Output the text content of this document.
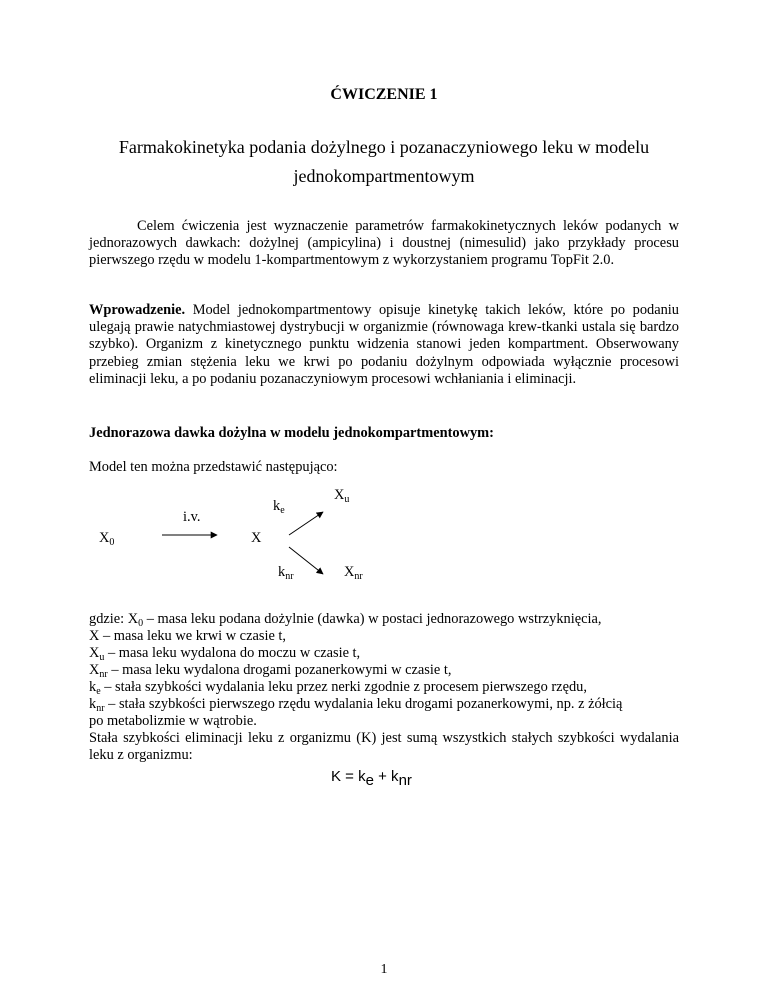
ĆWICZENIE 1
Farmakokinetyka podania dożylnego i pozanaczyniowego leku w modelu
jednokompartmentowym
Celem ćwiczenia jest wyznaczenie parametrów farmakokinetycznych leków podanych w jednorazowych dawkach: dożylnej (ampicylina) i doustnej (nimesulid) jako przykłady procesu pierwszego rzędu w modelu 1-kompartmentowym z wykorzystaniem programu TopFit 2.0.
Wprowadzenie. Model jednokompartmentowy opisuje kinetykę takich leków, które po podaniu ulegają prawie natychmiastowej dystrybucji w organizmie (równowaga krew-tkanki ustala się bardzo szybko). Organizm z kinetycznego punktu widzenia stanowi jeden kompartment. Obserwowany przebieg zmian stężenia leku we krwi po podaniu dożylnym odpowiada wyłącznie procesowi eliminacji leku, a po podaniu pozanaczyniowym procesowi wchłaniania i eliminacji.
Jednorazowa dawka dożylna w modelu jednokompartmentowym:
Model ten można przedstawić następująco:
i.v.
$X_0$	X
$k_e$
$X_u$
$k_{nr}$	$X_{nr}$
gdzie: $X_0$ – masa leku podana dożylnie (dawka) w postaci jednorazowego wstrzyknięcia,
X – masa leku we krwi w czasie t,
$X_u$ – masa leku wydalona do moczu w czasie t,
$X_{nr}$ – masa leku wydalona drogami pozanerkowymi w czasie t,
$k_e$ – stała szybkości wydalania leku przez nerki zgodnie z procesem pierwszego rzędu,
$k_{nr}$ – stała szybkości pierwszego rzędu wydalania leku drogami pozanerkowymi, np. z żółcią
po metabolizmie w wątrobie.
Stała szybkości eliminacji leku z organizmu (K) jest sumą wszystkich stałych szybkości wydalania leku z organizmu:
$K = k_e + k_{nr}$
1
